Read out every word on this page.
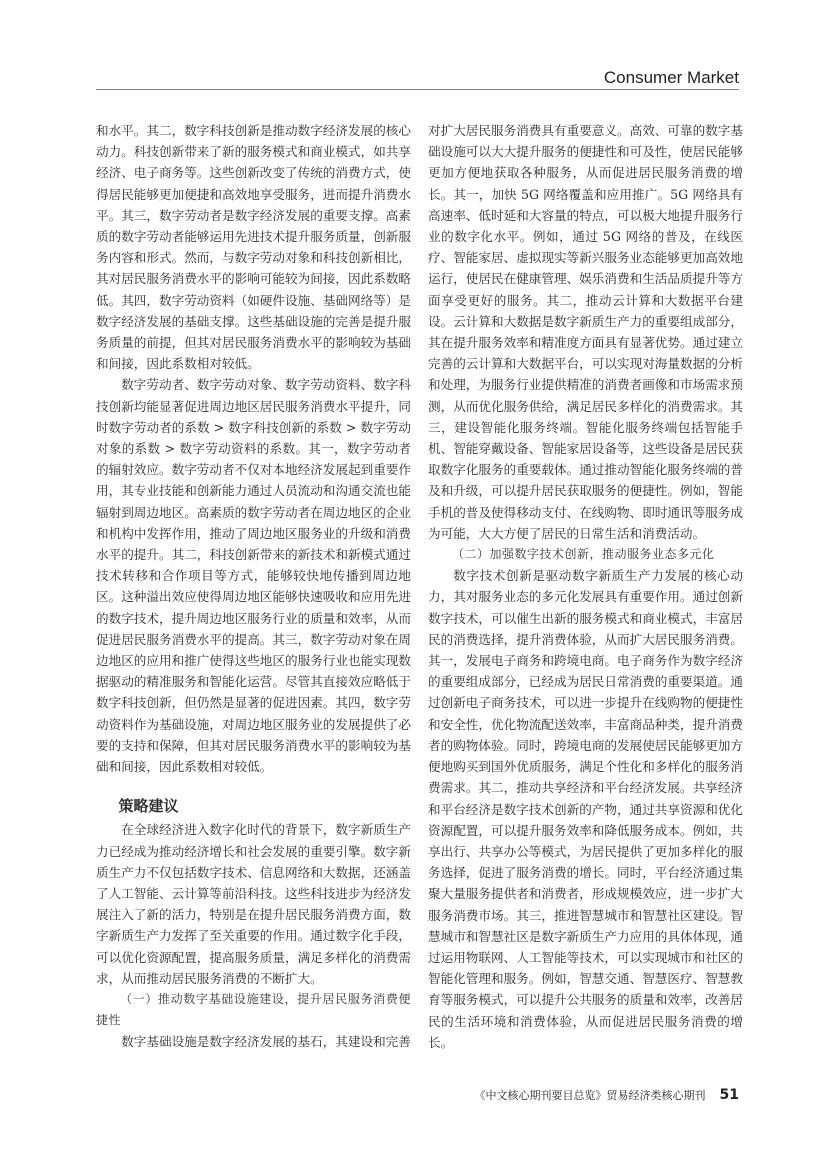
Consumer Market

和水平。其二，数字科技创新是推动数字经济发展的核心动力。科技创新带来了新的服务模式和商业模式，如共享经济、电子商务等。这些创新改变了传统的消费方式，使得居民能够更加便捷和高效地享受服务，进而提升消费水平。其三，数字劳动者是数字经济发展的重要支撑。高素质的数字劳动者能够运用先进技术提升服务质量，创新服务内容和形式。然而，与数字劳动对象和科技创新相比，其对居民服务消费水平的影响可能较为间接，因此系数略低。其四，数字劳动资料（如硬件设施、基础网络等）是数字经济发展的基础支撑。这些基础设施的完善是提升服务质量的前提，但其对居民服务消费水平的影响较为基础和间接，因此系数相对较低。

数字劳动者、数字劳动对象、数字劳动资料、数字科技创新均能显著促进周边地区居民服务消费水平提升，同时数字劳动者的系数 > 数字科技创新的系数 > 数字劳动对象的系数 > 数字劳动资料的系数。其一，数字劳动者的辐射效应。数字劳动者不仅对本地经济发展起到重要作用，其专业技能和创新能力通过人员流动和沟通交流也能辐射到周边地区。高素质的数字劳动者在周边地区的企业和机构中发挥作用，推动了周边地区服务业的升级和消费水平的提升。其二，科技创新带来的新技术和新模式通过技术转移和合作项目等方式，能够较快地传播到周边地区。这种溢出效应使得周边地区能够快速吸收和应用先进的数字技术，提升周边地区服务行业的质量和效率，从而促进居民服务消费水平的提高。其三，数字劳动对象在周边地区的应用和推广使得这些地区的服务行业也能实现数据驱动的精准服务和智能化运营。尽管其直接效应略低于数字科技创新，但仍然是显著的促进因素。其四，数字劳动资料作为基础设施，对周边地区服务业的发展提供了必要的支持和保障，但其对居民服务消费水平的影响较为基础和间接，因此系数相对较低。

策略建议

在全球经济进入数字化时代的背景下，数字新质生产力已经成为推动经济增长和社会发展的重要引擎。数字新质生产力不仅包括数字技术、信息网络和大数据，还涵盖了人工智能、云计算等前沿科技。这些科技进步为经济发展注入了新的活力，特别是在提升居民服务消费方面，数字新质生产力发挥了至关重要的作用。通过数字化手段，可以优化资源配置，提高服务质量，满足多样化的消费需求，从而推动居民服务消费的不断扩大。

（一）推动数字基础设施建设，提升居民服务消费便捷性

数字基础设施是数字经济发展的基石，其建设和完善

对扩大居民服务消费具有重要意义。高效、可靠的数字基础设施可以大大提升服务的便捷性和可及性，使居民能够更加方便地获取各种服务，从而促进居民服务消费的增长。其一，加快 5G 网络覆盖和应用推广。5G 网络具有高速率、低时延和大容量的特点，可以极大地提升服务行业的数字化水平。例如，通过 5G 网络的普及，在线医疗、智能家居、虚拟现实等新兴服务业态能够更加高效地运行，使居民在健康管理、娱乐消费和生活品质提升等方面享受更好的服务。其二，推动云计算和大数据平台建设。云计算和大数据是数字新质生产力的重要组成部分，其在提升服务效率和精准度方面具有显著优势。通过建立完善的云计算和大数据平台，可以实现对海量数据的分析和处理，为服务行业提供精准的消费者画像和市场需求预测，从而优化服务供给，满足居民多样化的消费需求。其三，建设智能化服务终端。智能化服务终端包括智能手机、智能穿戴设备、智能家居设备等，这些设备是居民获取数字化服务的重要载体。通过推动智能化服务终端的普及和升级，可以提升居民获取服务的便捷性。例如，智能手机的普及使得移动支付、在线购物、即时通讯等服务成为可能，大大方便了居民的日常生活和消费活动。

（二）加强数字技术创新，推动服务业态多元化

数字技术创新是驱动数字新质生产力发展的核心动力，其对服务业态的多元化发展具有重要作用。通过创新数字技术，可以催生出新的服务模式和商业模式，丰富居民的消费选择，提升消费体验，从而扩大居民服务消费。其一，发展电子商务和跨境电商。电子商务作为数字经济的重要组成部分，已经成为居民日常消费的重要渠道。通过创新电子商务技术，可以进一步提升在线购物的便捷性和安全性，优化物流配送效率，丰富商品种类，提升消费者的购物体验。同时，跨境电商的发展使居民能够更加方便地购买到国外优质服务，满足个性化和多样化的服务消费需求。其二，推动共享经济和平台经济发展。共享经济和平台经济是数字技术创新的产物，通过共享资源和优化资源配置，可以提升服务效率和降低服务成本。例如，共享出行、共享办公等模式，为居民提供了更加多样化的服务选择，促进了服务消费的增长。同时，平台经济通过集聚大量服务提供者和消费者，形成规模效应，进一步扩大服务消费市场。其三，推进智慧城市和智慧社区建设。智慧城市和智慧社区是数字新质生产力应用的具体体现，通过运用物联网、人工智能等技术，可以实现城市和社区的智能化管理和服务。例如，智慧交通、智慧医疗、智慧教育等服务模式，可以提升公共服务的质量和效率，改善居民的生活环境和消费体验，从而促进居民服务消费的增长。

《中文核心期刊要目总览》贸易经济类核心期刊 51
